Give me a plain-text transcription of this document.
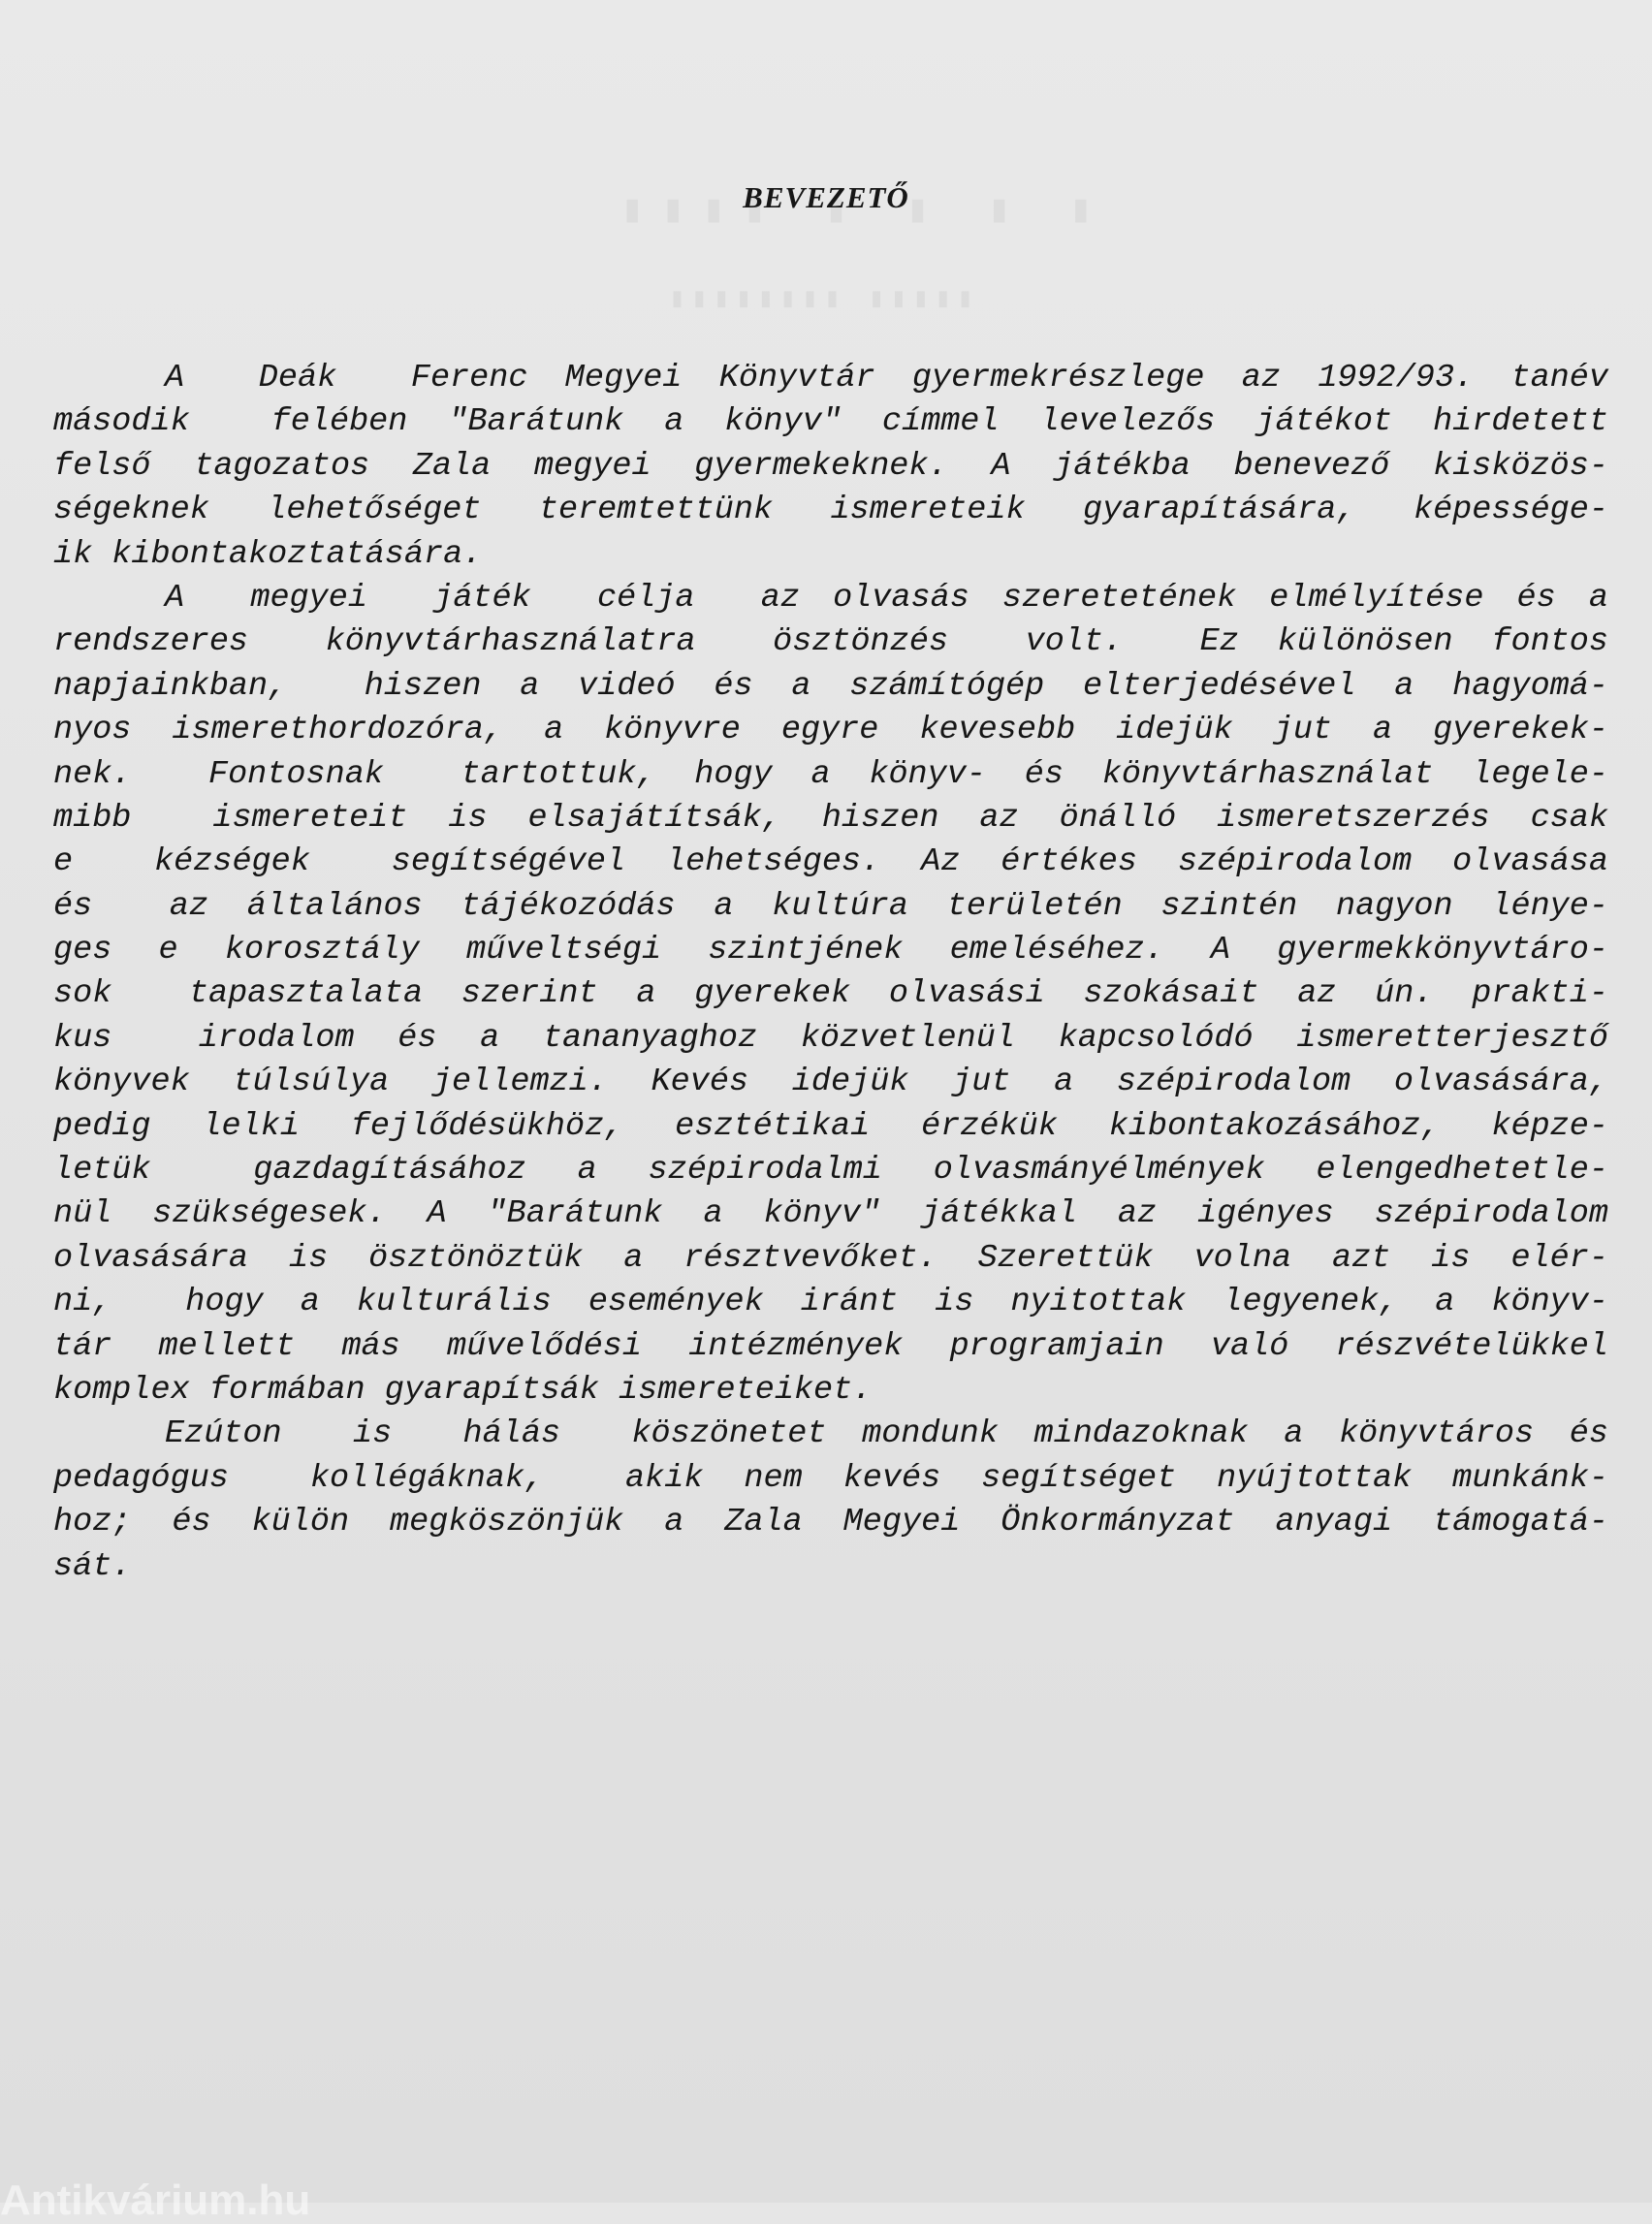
BEVEZETŐ
A  Deák  Ferenc Megyei Könyvtár gyermekrészlege az 1992/93. tanév
második  felében "Barátunk a könyv" címmel levelezős játékot hirdetett
felső tagozatos Zala megyei gyermekeknek. A játékba benevező kisközös-
ségeknek lehetőséget teremtettünk ismereteik gyarapítására, képessége-
ik kibontakoztatására.
A  megyei  játék  célja  az olvasás szeretetének elmélyítése és a
rendszeres  könyvtárhasználatra  ösztönzés  volt.  Ez különösen fontos
napjainkban,  hiszen a videó és a számítógép elterjedésével a hagyomá-
nyos ismerethordozóra, a könyvre egyre kevesebb idejük jut a gyerekek-
nek.  Fontosnak  tartottuk, hogy a könyv- és könyvtárhasználat legele-
mibb  ismereteit is elsajátítsák, hiszen az önálló ismeretszerzés csak
e  kézségek  segítségével lehetséges. Az értékes szépirodalom olvasása
és  az általános tájékozódás a kultúra területén szintén nagyon lénye-
ges e korosztály műveltségi szintjének emeléséhez. A gyermekkönyvtáro-
sok  tapasztalata szerint a gyerekek olvasási szokásait az ún. prakti-
kus  irodalom és a tananyaghoz közvetlenül kapcsolódó ismeretterjesztő
könyvek túlsúlya jellemzi. Kevés idejük jut a szépirodalom olvasására,
pedig lelki fejlődésükhöz, esztétikai érzékük kibontakozásához, képze-
letük  gazdagításához a szépirodalmi olvasmányélmények elengedhetetle-
nül szükségesek. A "Barátunk a könyv" játékkal az igényes szépirodalom
olvasására is ösztönöztük a résztvevőket. Szerettük volna azt is elér-
ni,  hogy a kulturális események iránt is nyitottak legyenek, a könyv-
tár mellett más művelődési intézmények programjain való részvételükkel
komplex formában gyarapítsák ismereteiket.
Ezúton  is  hálás  köszönetet mondunk mindazoknak a könyvtáros és
pedagógus  kollégáknak,  akik nem kevés segítséget nyújtottak munkánk-
hoz; és külön megköszönjük a Zala Megyei Önkormányzat anyagi támogatá-
sát.
Antikvárium.hu
